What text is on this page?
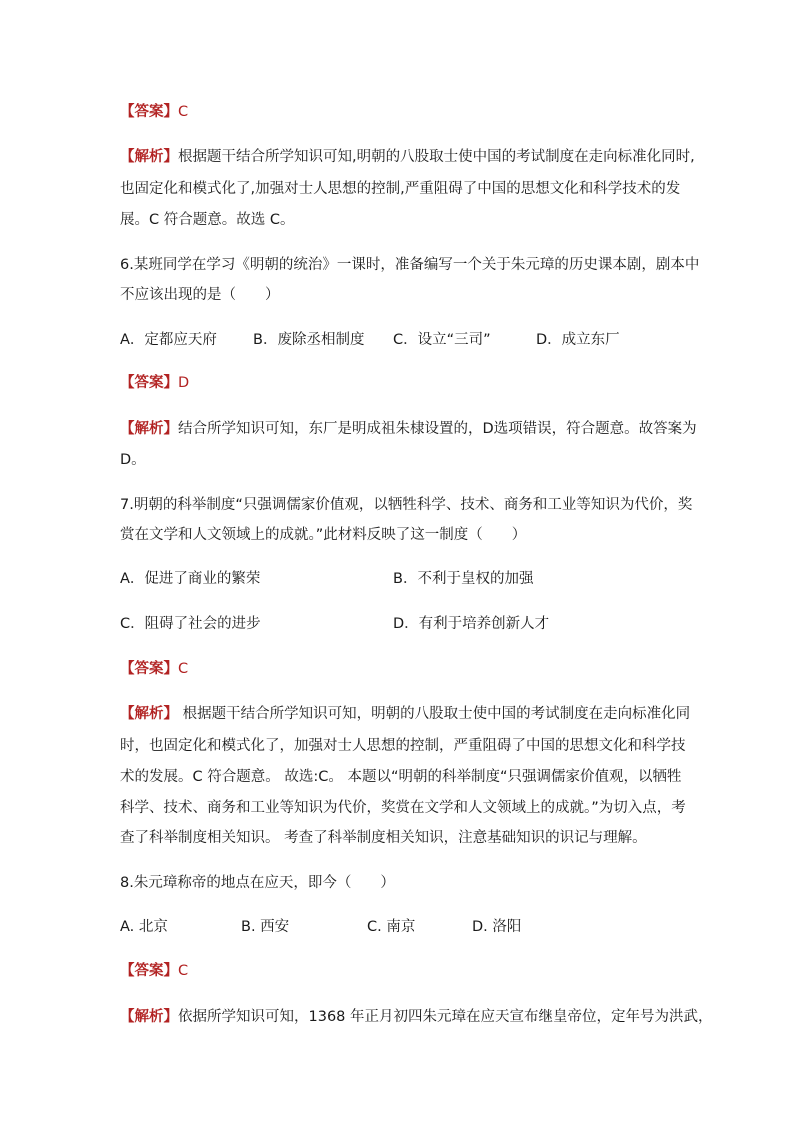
【答案】C
【解析】根据题干结合所学知识可知,明朝的八股取士使中国的考试制度在走向标准化同时,
也固定化和模式化了,加强对士人思想的控制,严重阻碍了中国的思想文化和科学技术的发
展。C 符合题意。故选 C。
6.某班同学在学习《明朝的统治》一课时，准备编写一个关于朱元璋的历史课本剧，剧本中
不应该出现的是（　　）
A．定都应天府 B．废除丞相制度 C．设立“三司”	D．成立东厂
【答案】D
【解析】结合所学知识可知，东厂是明成祖朱棣设置的，D选项错误，符合题意。故答案为
D。
7.明朝的科举制度“只强调儒家价值观，以牺牲科学、技术、商务和工业等知识为代价，奖
赏在文学和人文领域上的成就。”此材料反映了这一制度（　　）
A．促进了商业的繁荣	B．不利于皇权的加强
C．阻碍了社会的进步	D．有利于培养创新人才
【答案】C
【解析】 根据题干结合所学知识可知，明朝的八股取士使中国的考试制度在走向标准化同
时，也固定化和模式化了，加强对士人思想的控制，严重阻碍了中国的思想文化和科学技
术的发展。C 符合题意。 故选:C。 本题以“明朝的科举制度“只强调儒家价值观，以牺牲
科学、技术、商务和工业等知识为代价，奖赏在文学和人文领域上的成就。”为切入点，考
查了科举制度相关知识。 考查了科举制度相关知识，注意基础知识的识记与理解。
8.朱元璋称帝的地点在应天，即今（　　）
A. 北京	B. 西安	C. 南京	D. 洛阳
【答案】C
【解析】依据所学知识可知，1368 年正月初四朱元璋在应天宣布继皇帝位，定年号为洪武，
